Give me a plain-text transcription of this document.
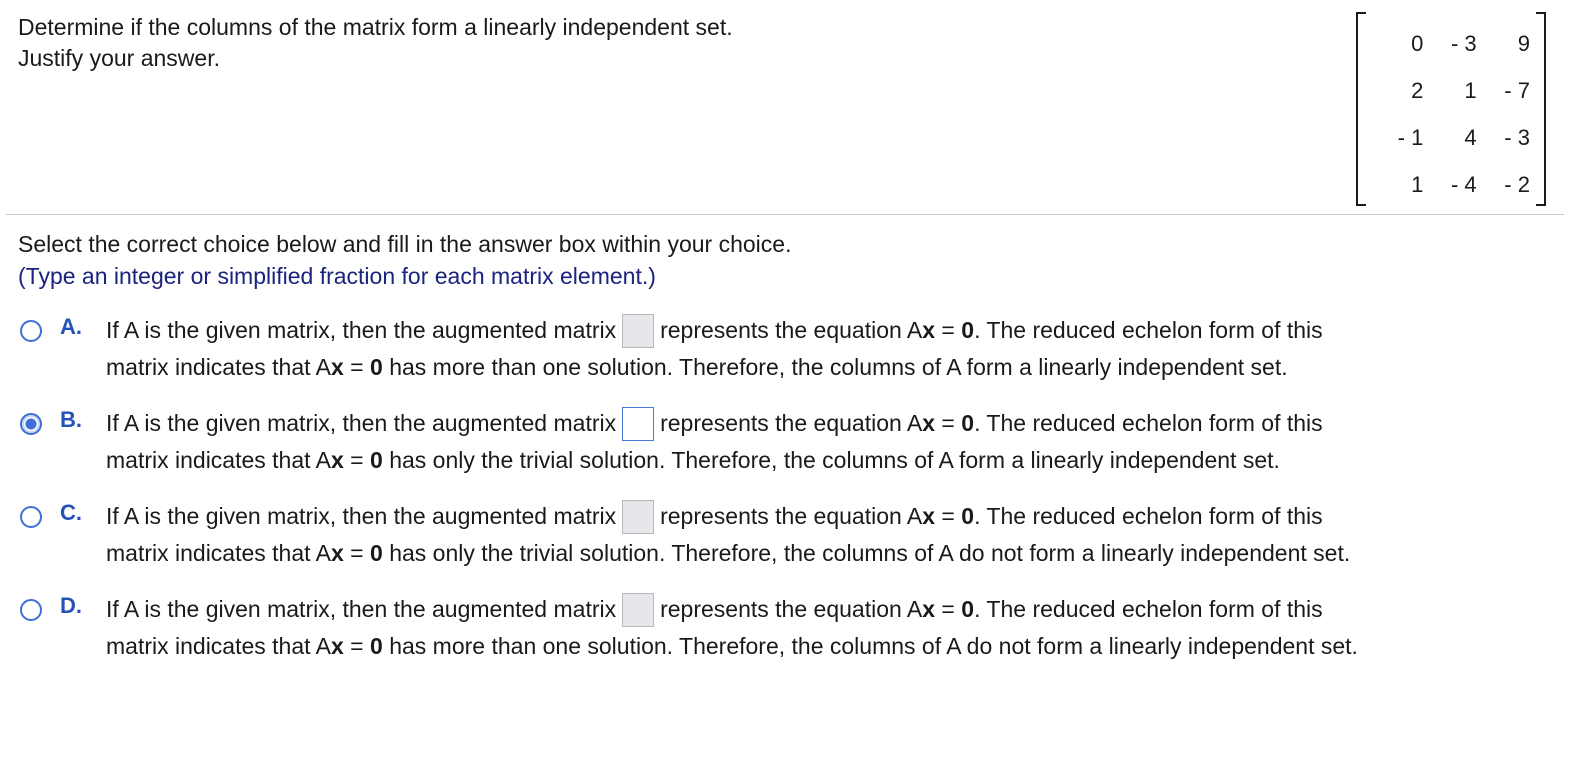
Determine if the columns of the matrix form a linearly independent set.
Justify your answer.
0	- 3	9
2	1	- 7
- 1	4	- 3
1	- 4	- 2
Select the correct choice below and fill in the answer box within your choice.
(Type an integer or simplified fraction for each matrix element.)
A. If A is the given matrix, then the augmented matrix represents the equation Ax = 0. The reduced echelon form of this
matrix indicates that Ax = 0 has more than one solution. Therefore, the columns of A form a linearly independent set.
B. If A is the given matrix, then the augmented matrix represents the equation Ax = 0. The reduced echelon form of this
matrix indicates that Ax = 0 has only the trivial solution. Therefore, the columns of A form a linearly independent set.
C. If A is the given matrix, then the augmented matrix represents the equation Ax = 0. The reduced echelon form of this
matrix indicates that Ax = 0 has only the trivial solution. Therefore, the columns of A do not form a linearly independent set.
D. If A is the given matrix, then the augmented matrix represents the equation Ax = 0. The reduced echelon form of this
matrix indicates that Ax = 0 has more than one solution. Therefore, the columns of A do not form a linearly independent set.
